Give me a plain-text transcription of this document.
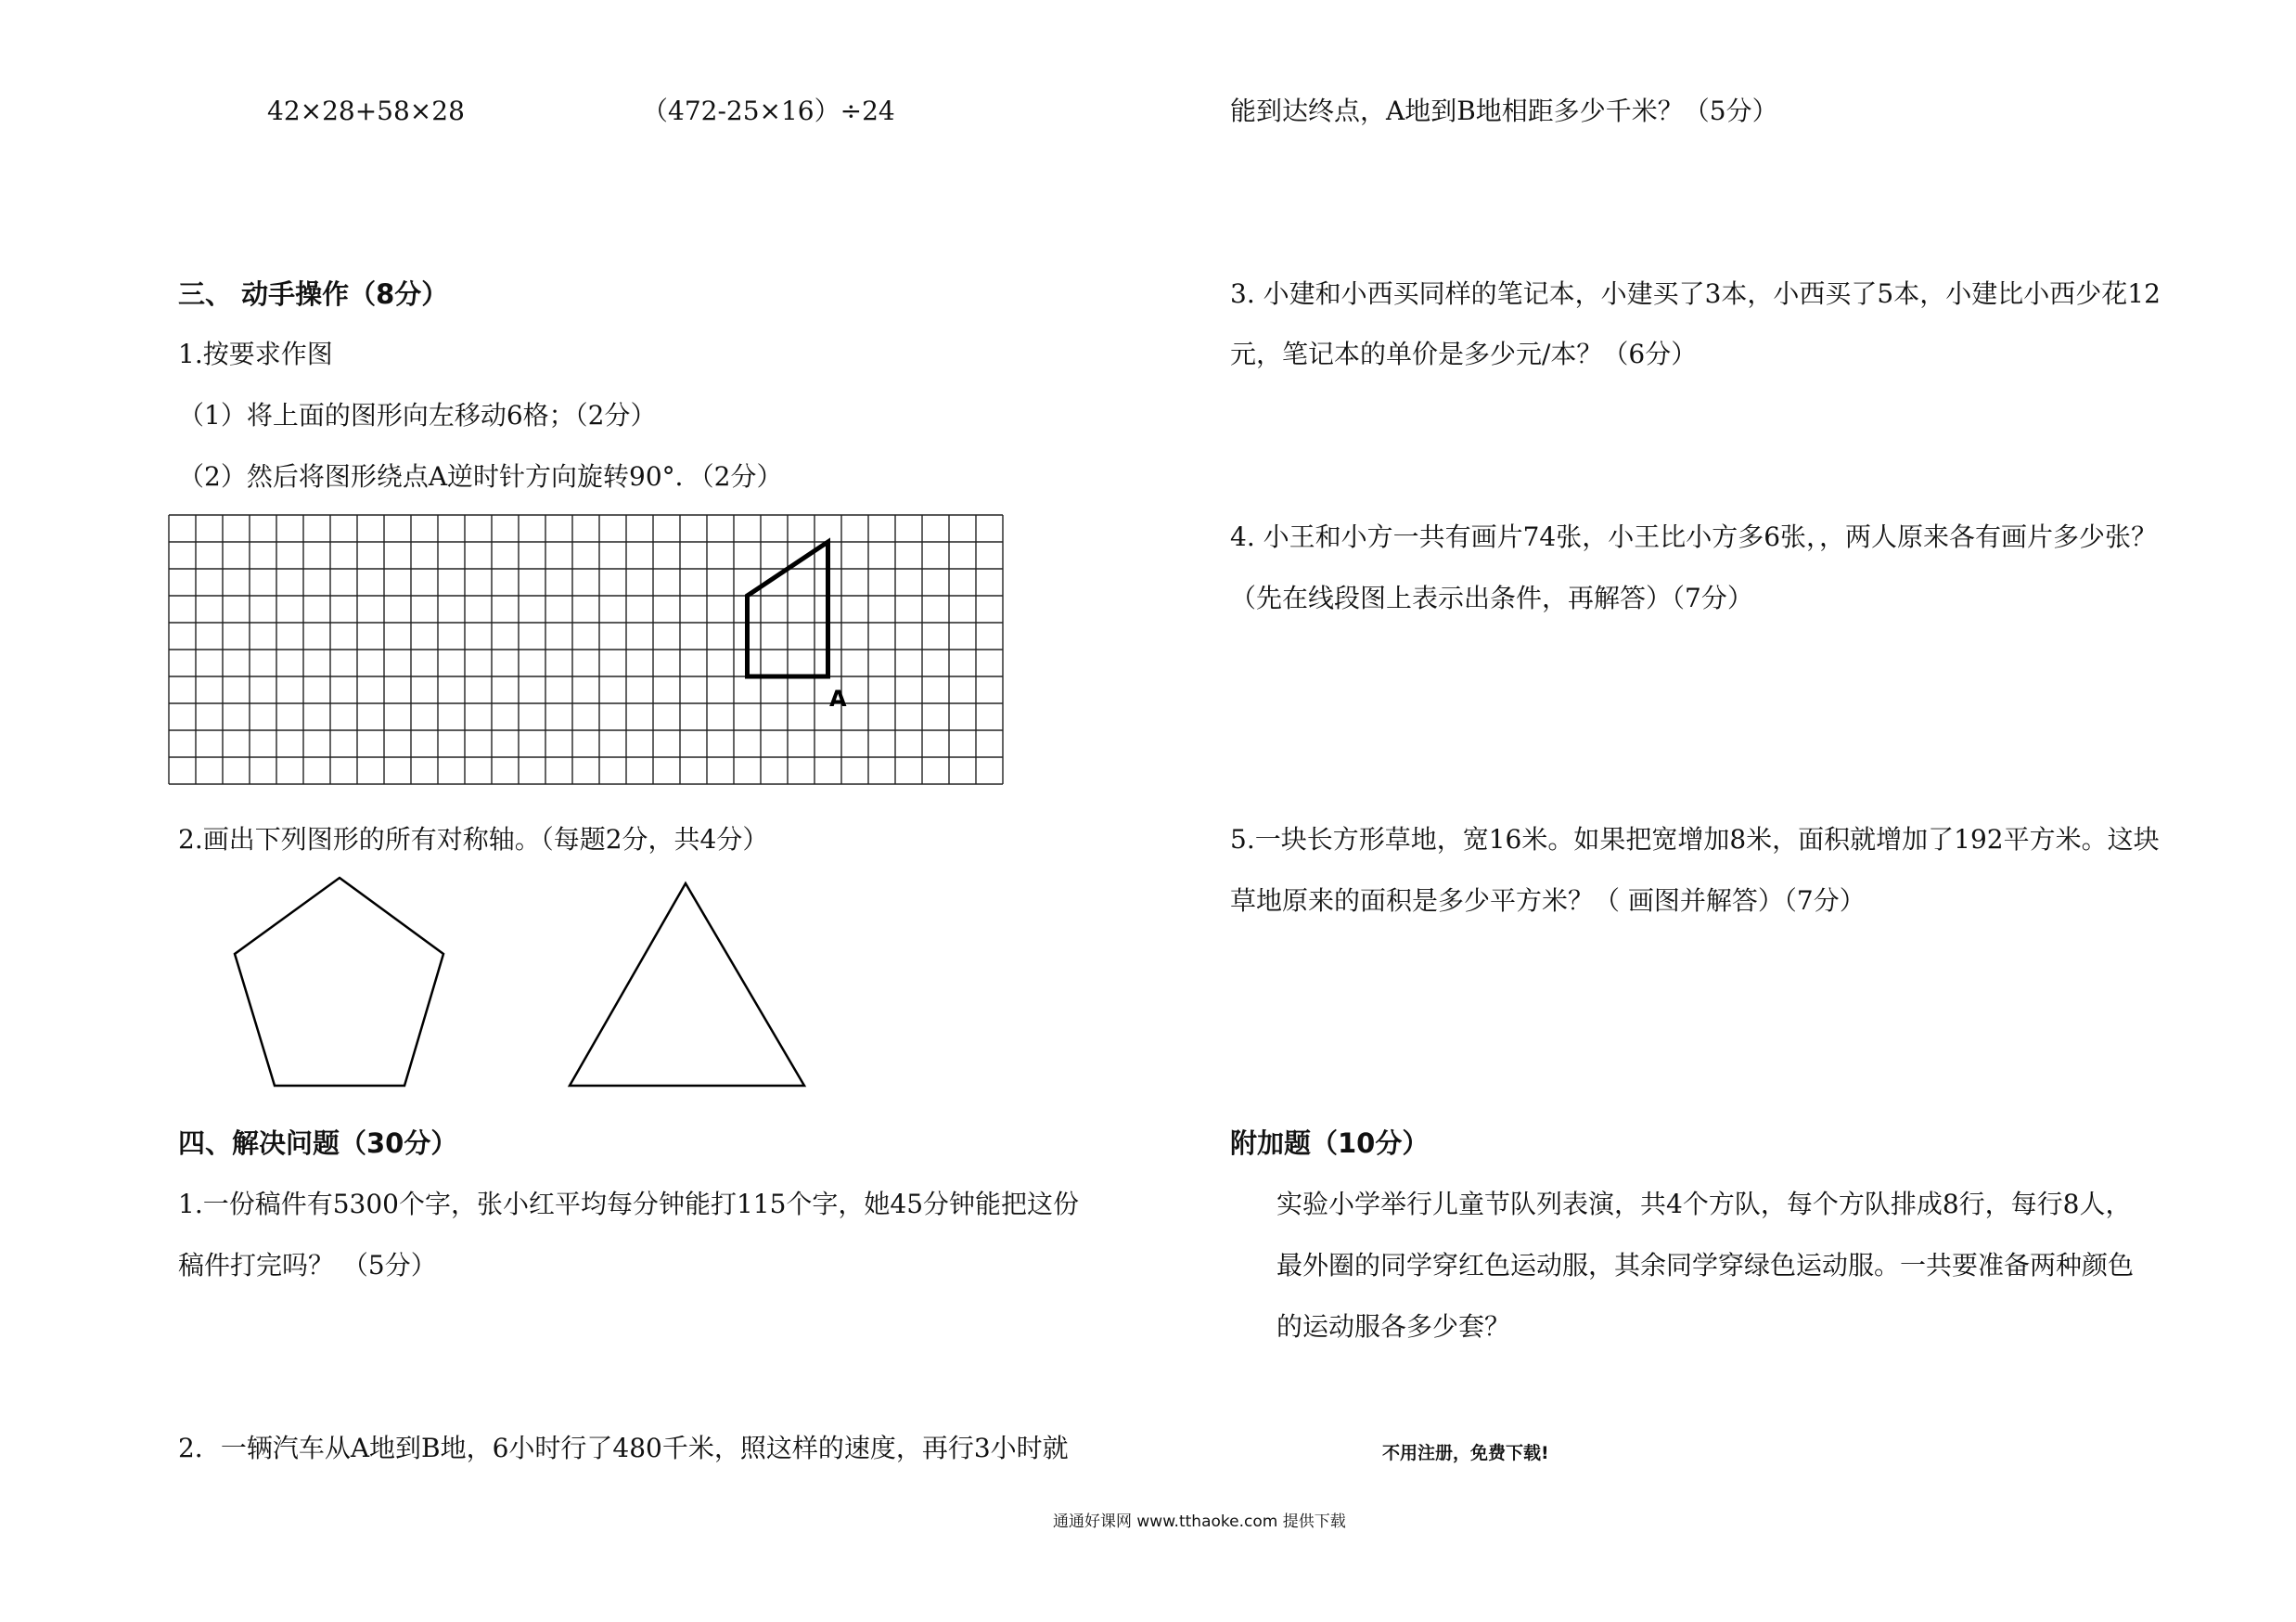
42×28+58×28	（472-25×16）÷24
三、 动手操作（8分）
1.按要求作图
（1）将上面的图形向左移动6格；（2分）
（2）然后将图形绕点A逆时针方向旋转90°．（2分）
A
2.画出下列图形的所有对称轴。（每题2分，共4分）
四、解决问题（30分）
1.一份稿件有5300个字，张小红平均每分钟能打115个字，她45分钟能把这份
稿件打完吗？ （5分）
2．一辆汽车从A地到B地，6小时行了480千米，照这样的速度，再行3小时就
能到达终点，A地到B地相距多少千米？（5分）
3. 小建和小西买同样的笔记本，小建买了3本，小西买了5本，小建比小西少花12
元，笔记本的单价是多少元/本？（6分）
4. 小王和小方一共有画片74张，小王比小方多6张，，两人原来各有画片多少张？
（先在线段图上表示出条件，再解答）（7分）
5.一块长方形草地，宽16米。如果把宽增加8米，面积就增加了192平方米。这块
草地原来的面积是多少平方米？（ 画图并解答）（7分）
附加题（10分）
实验小学举行儿童节队列表演，共4个方队，每个方队排成8行，每行8人，
最外圈的同学穿红色运动服，其余同学穿绿色运动服。一共要准备两种颜色
的运动服各多少套？
不用注册，免费下载!
通通好课网 www.tthaoke.com 提供下载
